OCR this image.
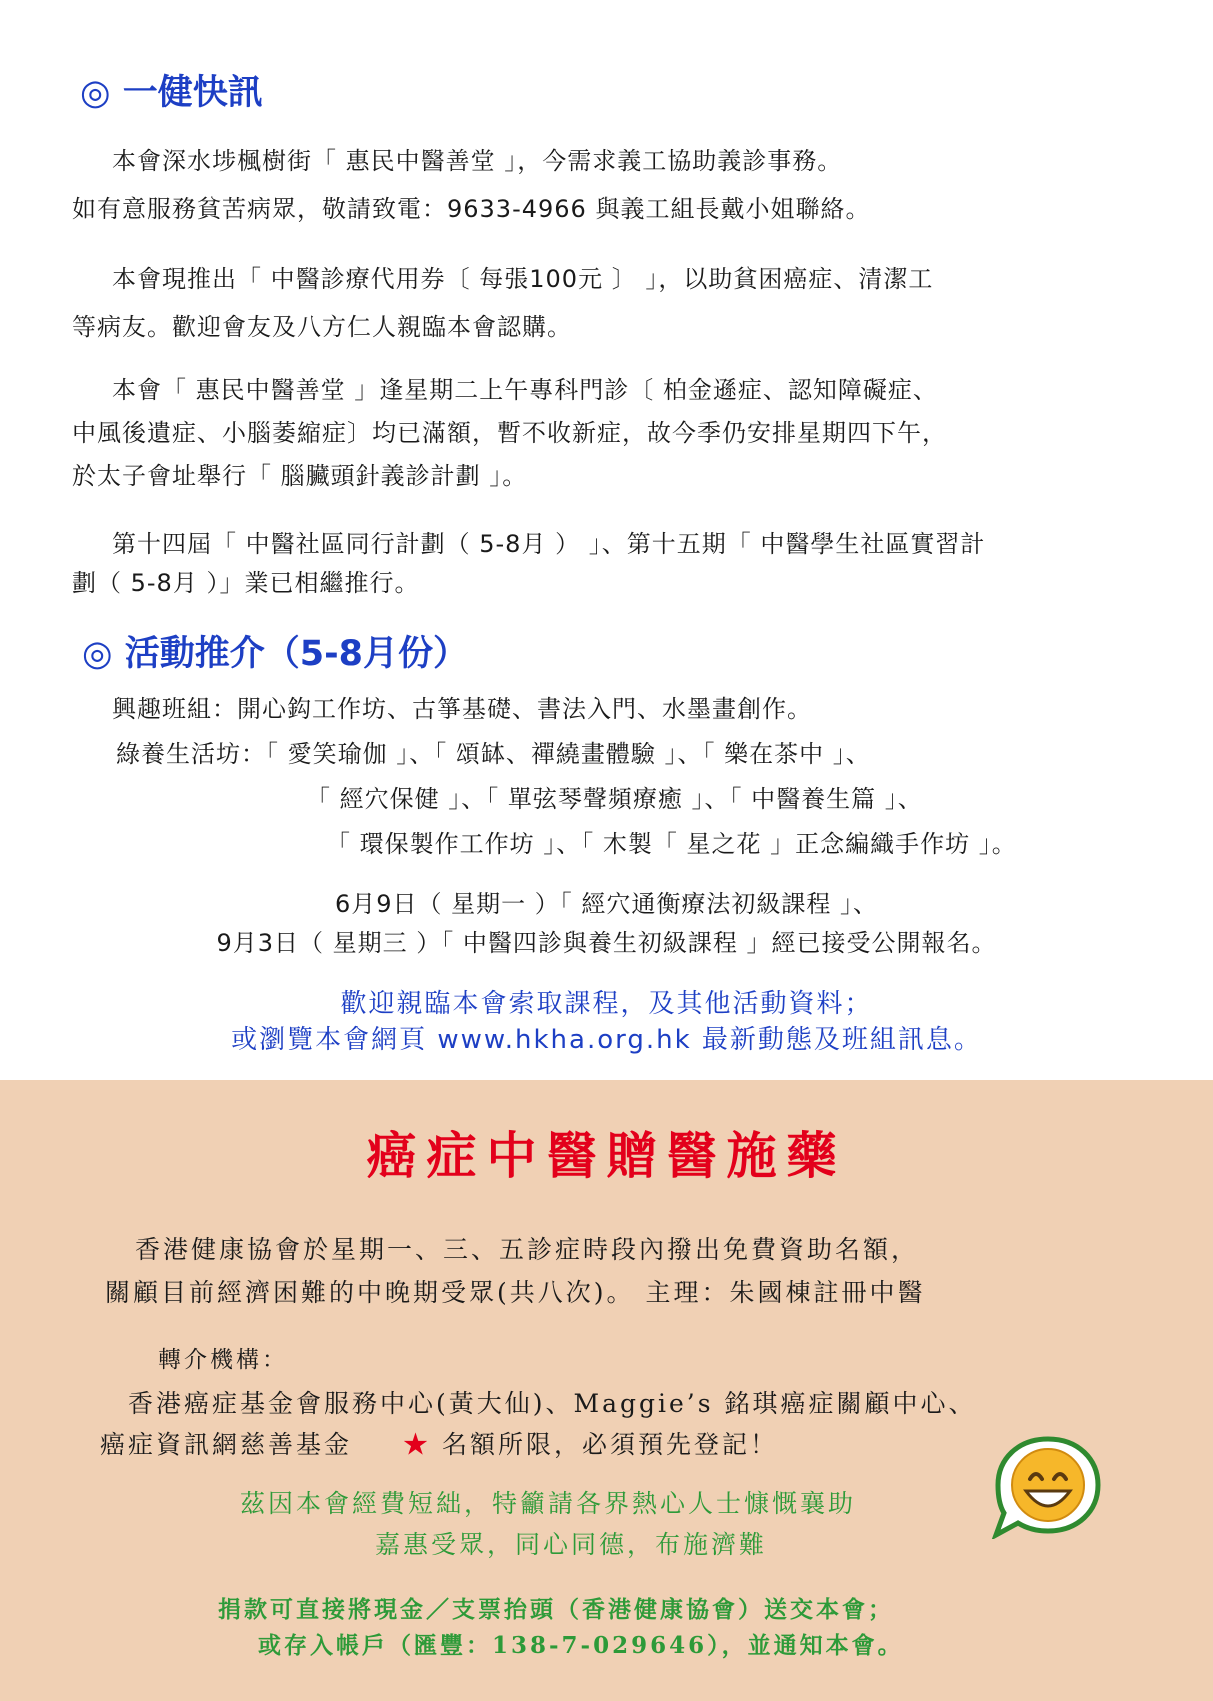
◎ 一健快訊
本會深水埗楓樹街「 惠民中醫善堂 」，今需求義工協助義診事務。
如有意服務貧苦病眾，敬請致電：9633-4966 與義工組長戴小姐聯絡。
本會現推出「 中醫診療代用券〔 每張100元 〕 」，以助貧困癌症、清潔工
等病友。歡迎會友及八方仁人親臨本會認購。
本會「 惠民中醫善堂 」逢星期二上午專科門診〔 柏金遜症、認知障礙症、
中風後遺症、小腦萎縮症〕均已滿額，暫不收新症，故今季仍安排星期四下午，
於太子會址舉行「 腦臟頭針義診計劃 」。
第十四屆「 中醫社區同行計劃（ 5-8月 ） 」、第十五期「 中醫學生社區實習計
劃（ 5-8月 ）」業已相繼推行。
◎ 活動推介（5-8月份）
興趣班組：開心鈎工作坊、古箏基礎、書法入門、水墨畫創作。
綠養生活坊：「 愛笑瑜伽 」、「 頌缽、禪繞畫體驗 」、「 樂在茶中 」、
「 經穴保健 」、「 單弦琴聲頻療癒 」、「 中醫養生篇 」、
「 環保製作工作坊 」、「 木製「 星之花 」正念編織手作坊 」。
6月9日（ 星期一 ）「 經穴通衡療法初級課程 」、
9月3日（ 星期三 ）「 中醫四診與養生初級課程 」經已接受公開報名。
歡迎親臨本會索取課程，及其他活動資料；
或瀏覽本會網頁 www.hkha.org.hk 最新動態及班組訊息。
癌症中醫贈醫施藥
香港健康協會於星期一、三、五診症時段內撥出免費資助名額，
關顧目前經濟困難的中晚期受眾(共八次)。 主理：朱國棟註冊中醫
轉介機構：
香港癌症基金會服務中心(黃大仙)、Maggie’s 銘琪癌症關顧中心、
癌症資訊網慈善基金 ★ 名額所限，必須預先登記！
茲因本會經費短絀，特籲請各界熱心人士慷慨襄助
嘉惠受眾，同心同德，布施濟難
捐款可直接將現金／支票抬頭（香港健康協會）送交本會；
或存入帳戶（匯豐：138-7-029646），並通知本會。
